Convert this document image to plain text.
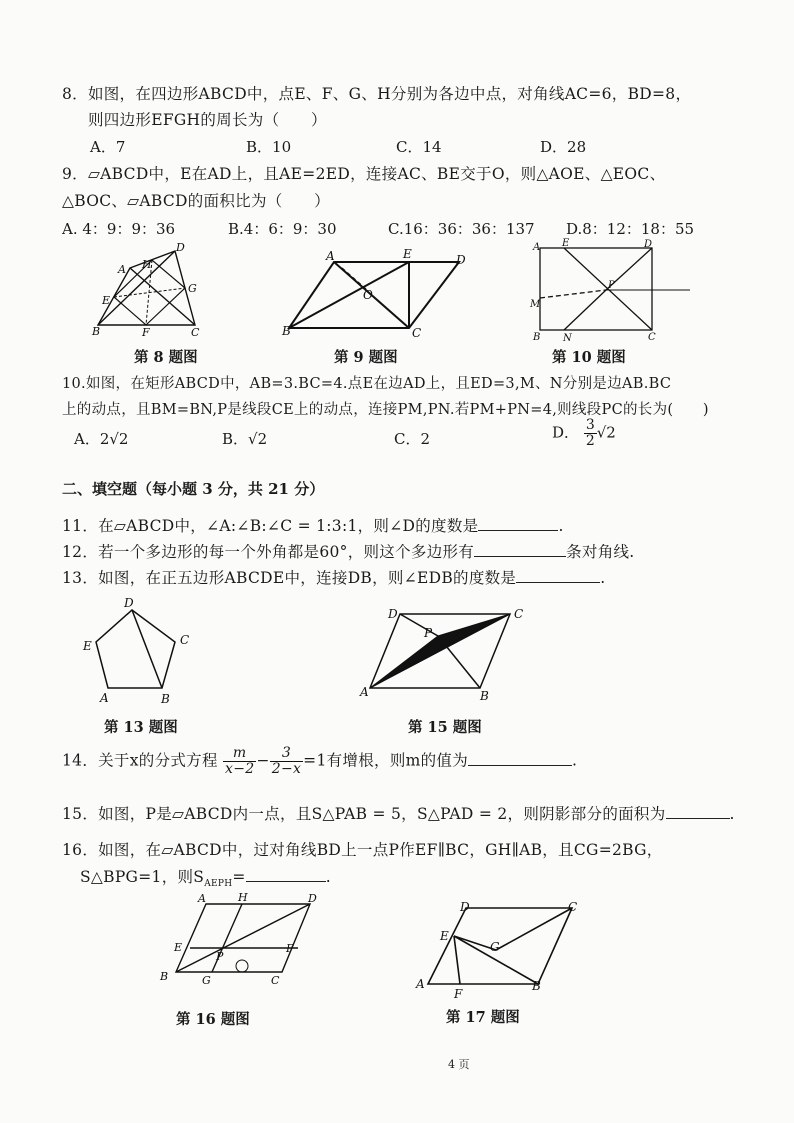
8．如图，在四边形ABCD中，点E、F、G、H分别为各边中点，对角线AC=6，BD=8，
则四边形EFGH的周长为（　　）
A．7	B．10	C．14	D．28
9．▱ABCD中，E在AD上，且AE=2ED，连接AC、BE交于O，则△AOE、△EOC、
△BOC、▱ABCD的面积比为（　　）
A. 4：9：9：36	B.4：6：9：30	C.16：36：36：137 D.8：12：18：55
D
H
A
G
E
B	F	C
第 8 题图
A	E	D
O
B	C
第 9 题图
A E	D
M
P
B N	C
第 10 题图
10.如图，在矩形ABCD中，AB=3.BC=4.点E在边AD上，且ED=3,M、N分别是边AB.BC
上的动点，且BM=BN,P是线段CE上的动点，连接PM,PN.若PM+PN=4,则线段PC的长为(　　)
A．2√2	B．√2	C．2	D． $\frac{3}{2} √2$
二、填空题（每小题 3 分，共 21 分）
11．在▱ABCD中，∠A:∠B:∠C = 1:3:1，则∠D的度数是	.
12．若一个多边形的每一个外角都是60°，则这个多边形有	条对角线.
13．如图，在正五边形ABCDE中，连接DB，则∠EDB的度数是	.
D
E	C
A	B
第 13 题图
D	C
P
A	B
第 15 题图
14．关于x的分式方程 $\frac{m}{x-2} - \frac{3}{2-x} =1$有增根，则m的值为	.
15．如图，P是▱ABCD内一点，且S△PAB = 5，S△PAD = 2，则阴影部分的面积为	.
16．如图，在▱ABCD中，过对角线BD上一点P作EF∥BC，GH∥AB，且CG=2BG，
S△BPG=1，则$S_{AEPH}=$	.
A	H	D
E
P
F
B	G	C
第 16 题图
D	C
E
G
A
F
B
第 17 题图
4 页
